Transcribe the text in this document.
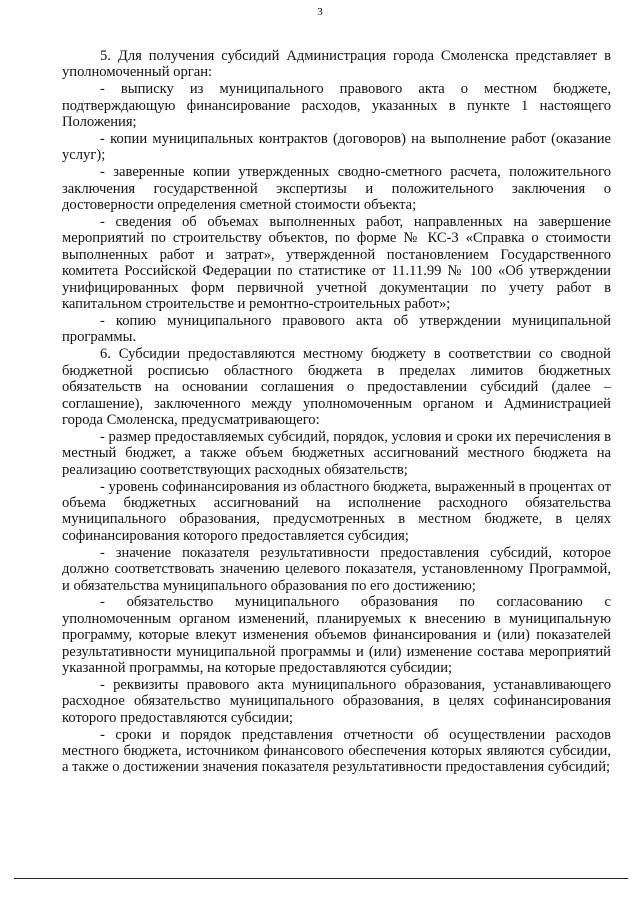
3

5. Для получения субсидий Администрация города Смоленска представляет в уполномоченный орган:

- выписку из муниципального правового акта о местном бюджете, подтверждающую финансирование расходов, указанных в пункте 1 настоящего Положения;

- копии муниципальных контрактов (договоров) на выполнение работ (оказание услуг);

- заверенные копии утвержденных сводно-сметного расчета, положительного заключения государственной экспертизы и положительного заключения о достоверности определения сметной стоимости объекта;

- сведения об объемах выполненных работ, направленных на завершение мероприятий по строительству объектов, по форме № КС-3 «Справка о стоимости выполненных работ и затрат», утвержденной постановлением Государственного комитета Российской Федерации по статистике от 11.11.99 № 100 «Об утверждении унифицированных форм первичной учетной документации по учету работ в капитальном строительстве и ремонтно-строительных работ»;

- копию муниципального правового акта об утверждении муниципальной программы.

6. Субсидии предоставляются местному бюджету в соответствии со сводной бюджетной росписью областного бюджета в пределах лимитов бюджетных обязательств на основании соглашения о предоставлении субсидий (далее – соглашение), заключенного между уполномоченным органом и Администрацией города Смоленска, предусматривающего:

- размер предоставляемых субсидий, порядок, условия и сроки их перечисления в местный бюджет, а также объем бюджетных ассигнований местного бюджета на реализацию соответствующих расходных обязательств;

- уровень софинансирования из областного бюджета, выраженный в процентах от объема бюджетных ассигнований на исполнение расходного обязательства муниципального образования, предусмотренных в местном бюджете, в целях софинансирования которого предоставляется субсидия;

- значение показателя результативности предоставления субсидий, которое должно соответствовать значению целевого показателя, установленному Программой, и обязательства муниципального образования по его достижению;

- обязательство муниципального образования по согласованию с уполномоченным органом изменений, планируемых к внесению в муниципальную программу, которые влекут изменения объемов финансирования и (или) показателей результативности муниципальной программы и (или) изменение состава мероприятий указанной программы, на которые предоставляются субсидии;

- реквизиты правового акта муниципального образования, устанавливающего расходное обязательство муниципального образования, в целях софинансирования которого предоставляются субсидии;

- сроки и порядок представления отчетности об осуществлении расходов местного бюджета, источником финансового обеспечения которых являются субсидии, а также о достижении значения показателя результативности предоставления субсидий;
